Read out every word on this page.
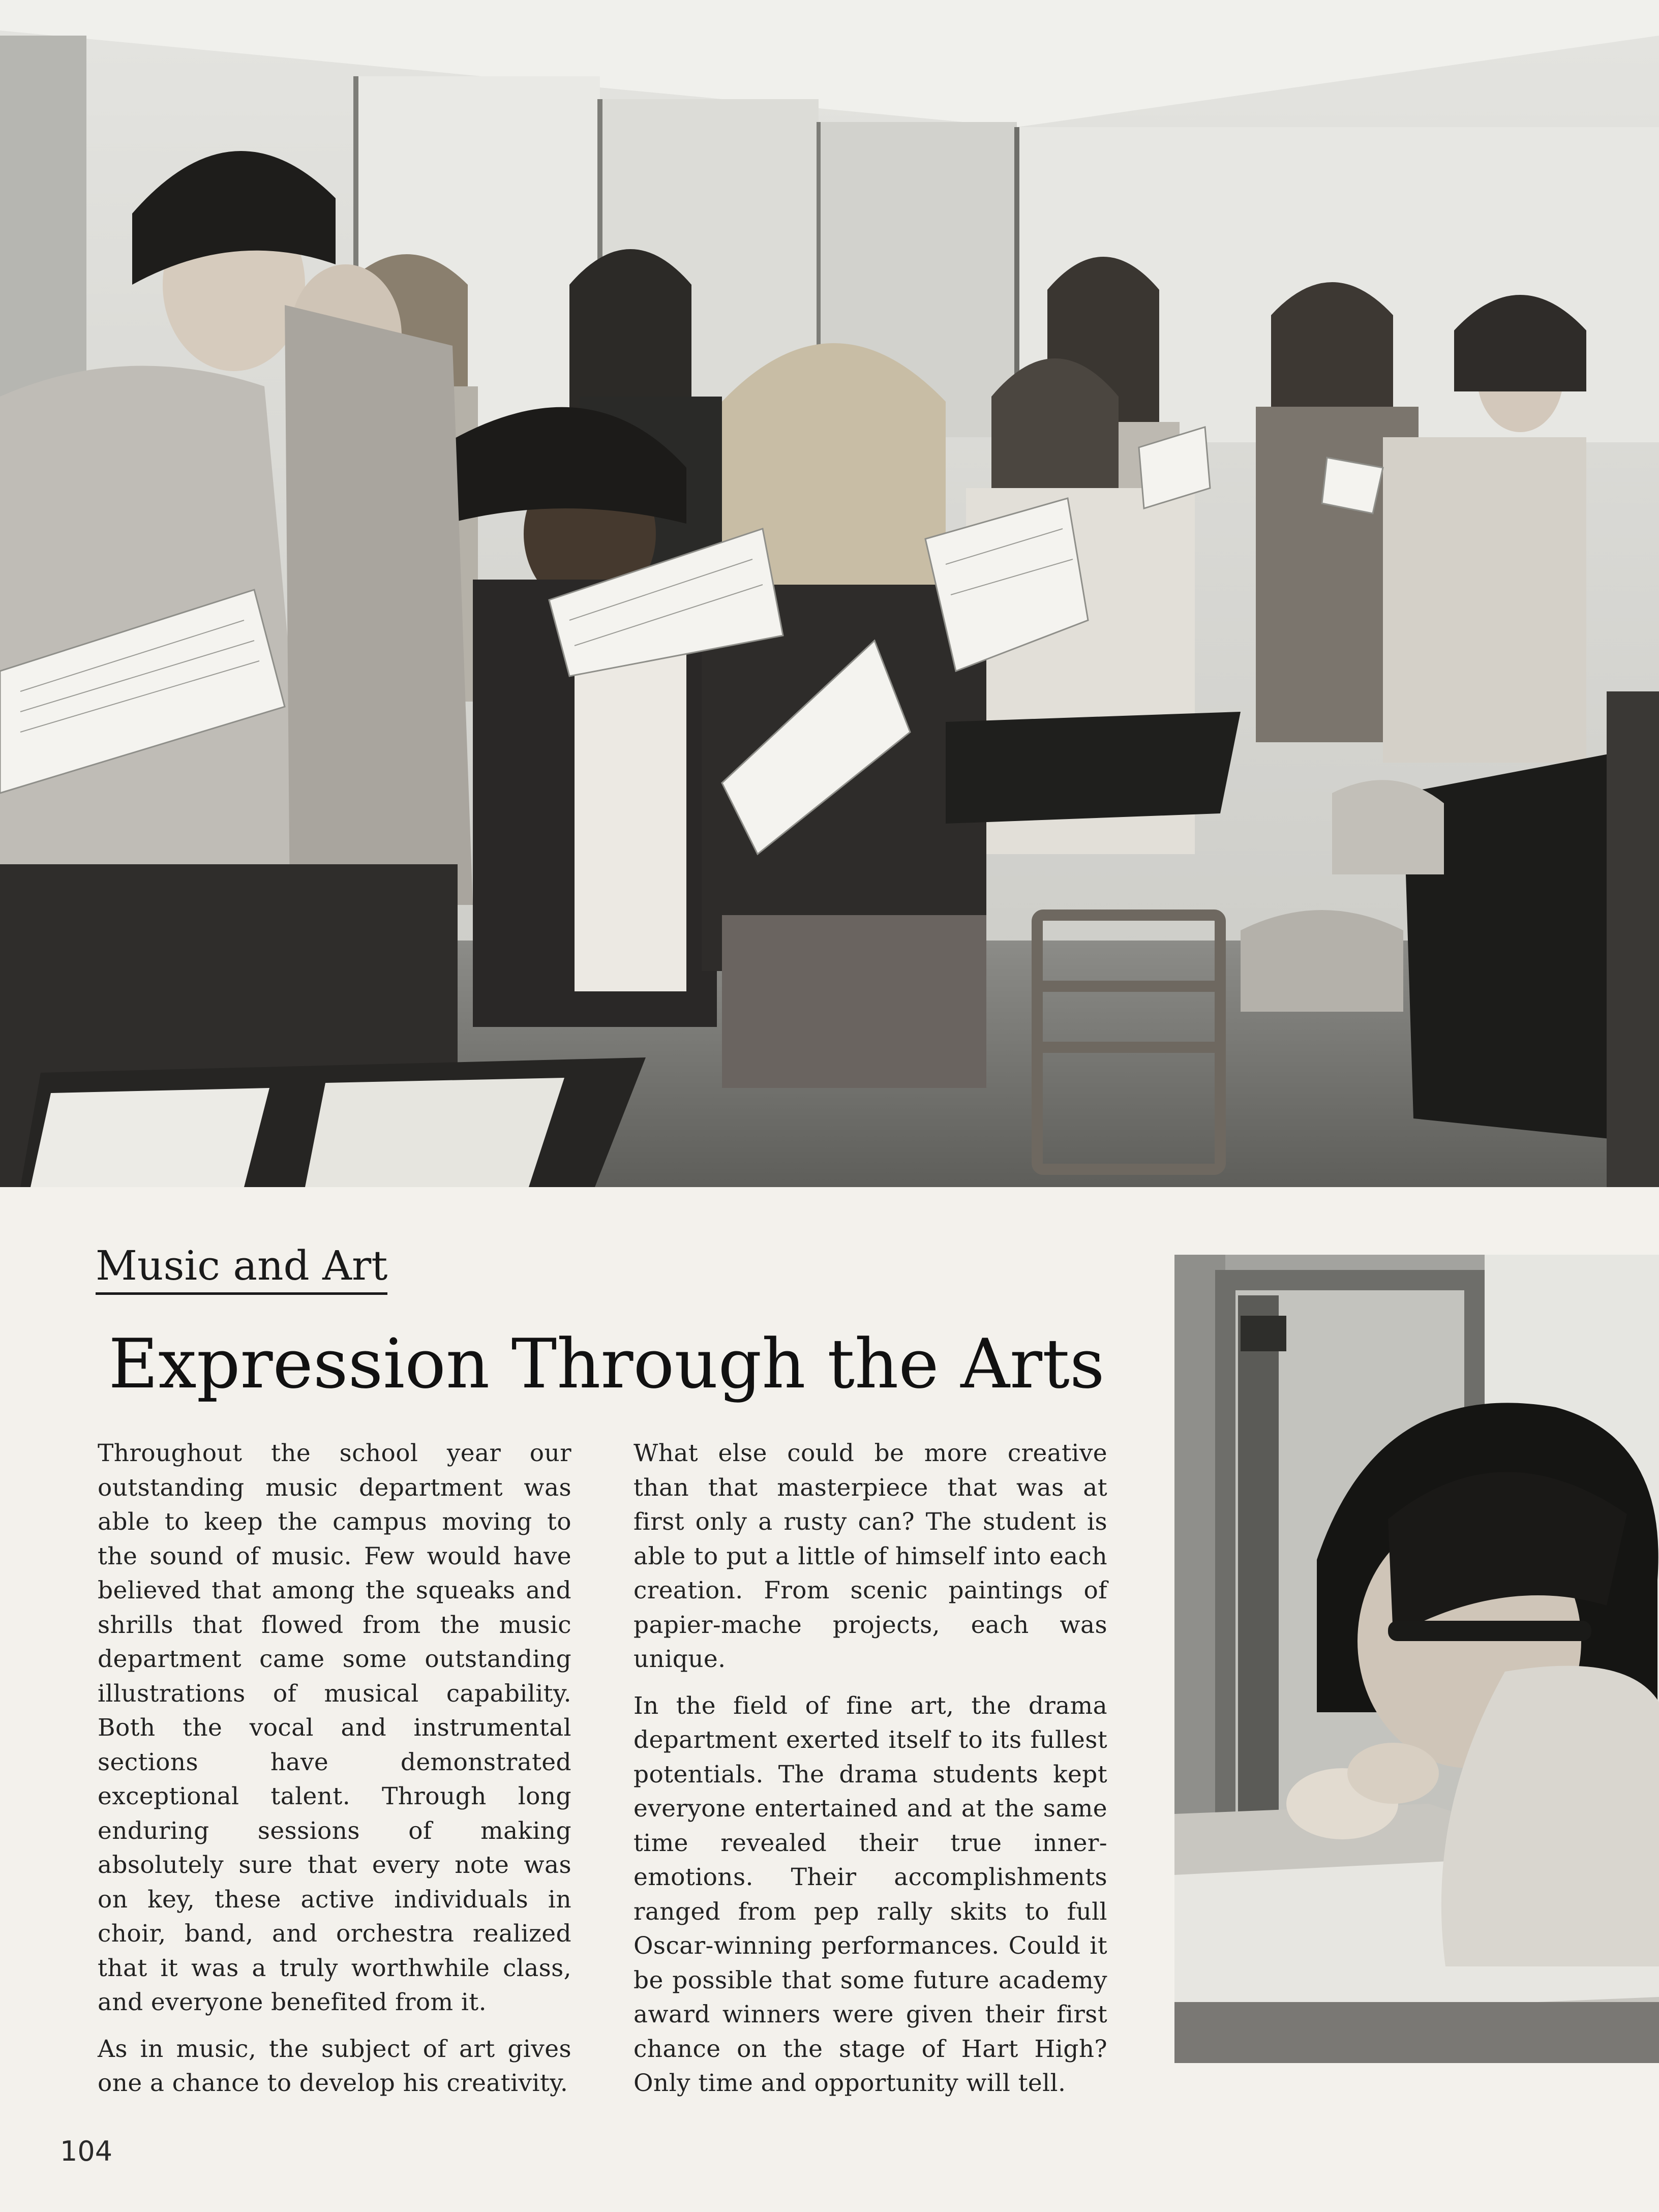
Music and Art
Expression Through the Arts

Throughout the school year our outstanding music department was able to keep the campus moving to the sound of music. Few would have believed that among the squeaks and shrills that flowed from the music department came some outstanding illustrations of musical capability. Both the vocal and instrumental sections have demonstrated exceptional talent. Through long enduring sessions of making absolutely sure that every note was on key, these active individuals in choir, band, and orchestra realized that it was a truly worthwhile class, and everyone benefited from it.

As in music, the subject of art gives one a chance to develop his creativity.

What else could be more creative than that masterpiece that was at first only a rusty can? The student is able to put a little of himself into each creation. From scenic paintings of papier-mache projects, each was unique.

In the field of fine art, the drama department exerted itself to its fullest potentials. The drama students kept everyone entertained and at the same time revealed their true inner-emotions. Their accomplishments ranged from pep rally skits to full Oscar-winning performances. Could it be possible that some future academy award winners were given their first chance on the stage of Hart High? Only time and opportunity will tell.

104
